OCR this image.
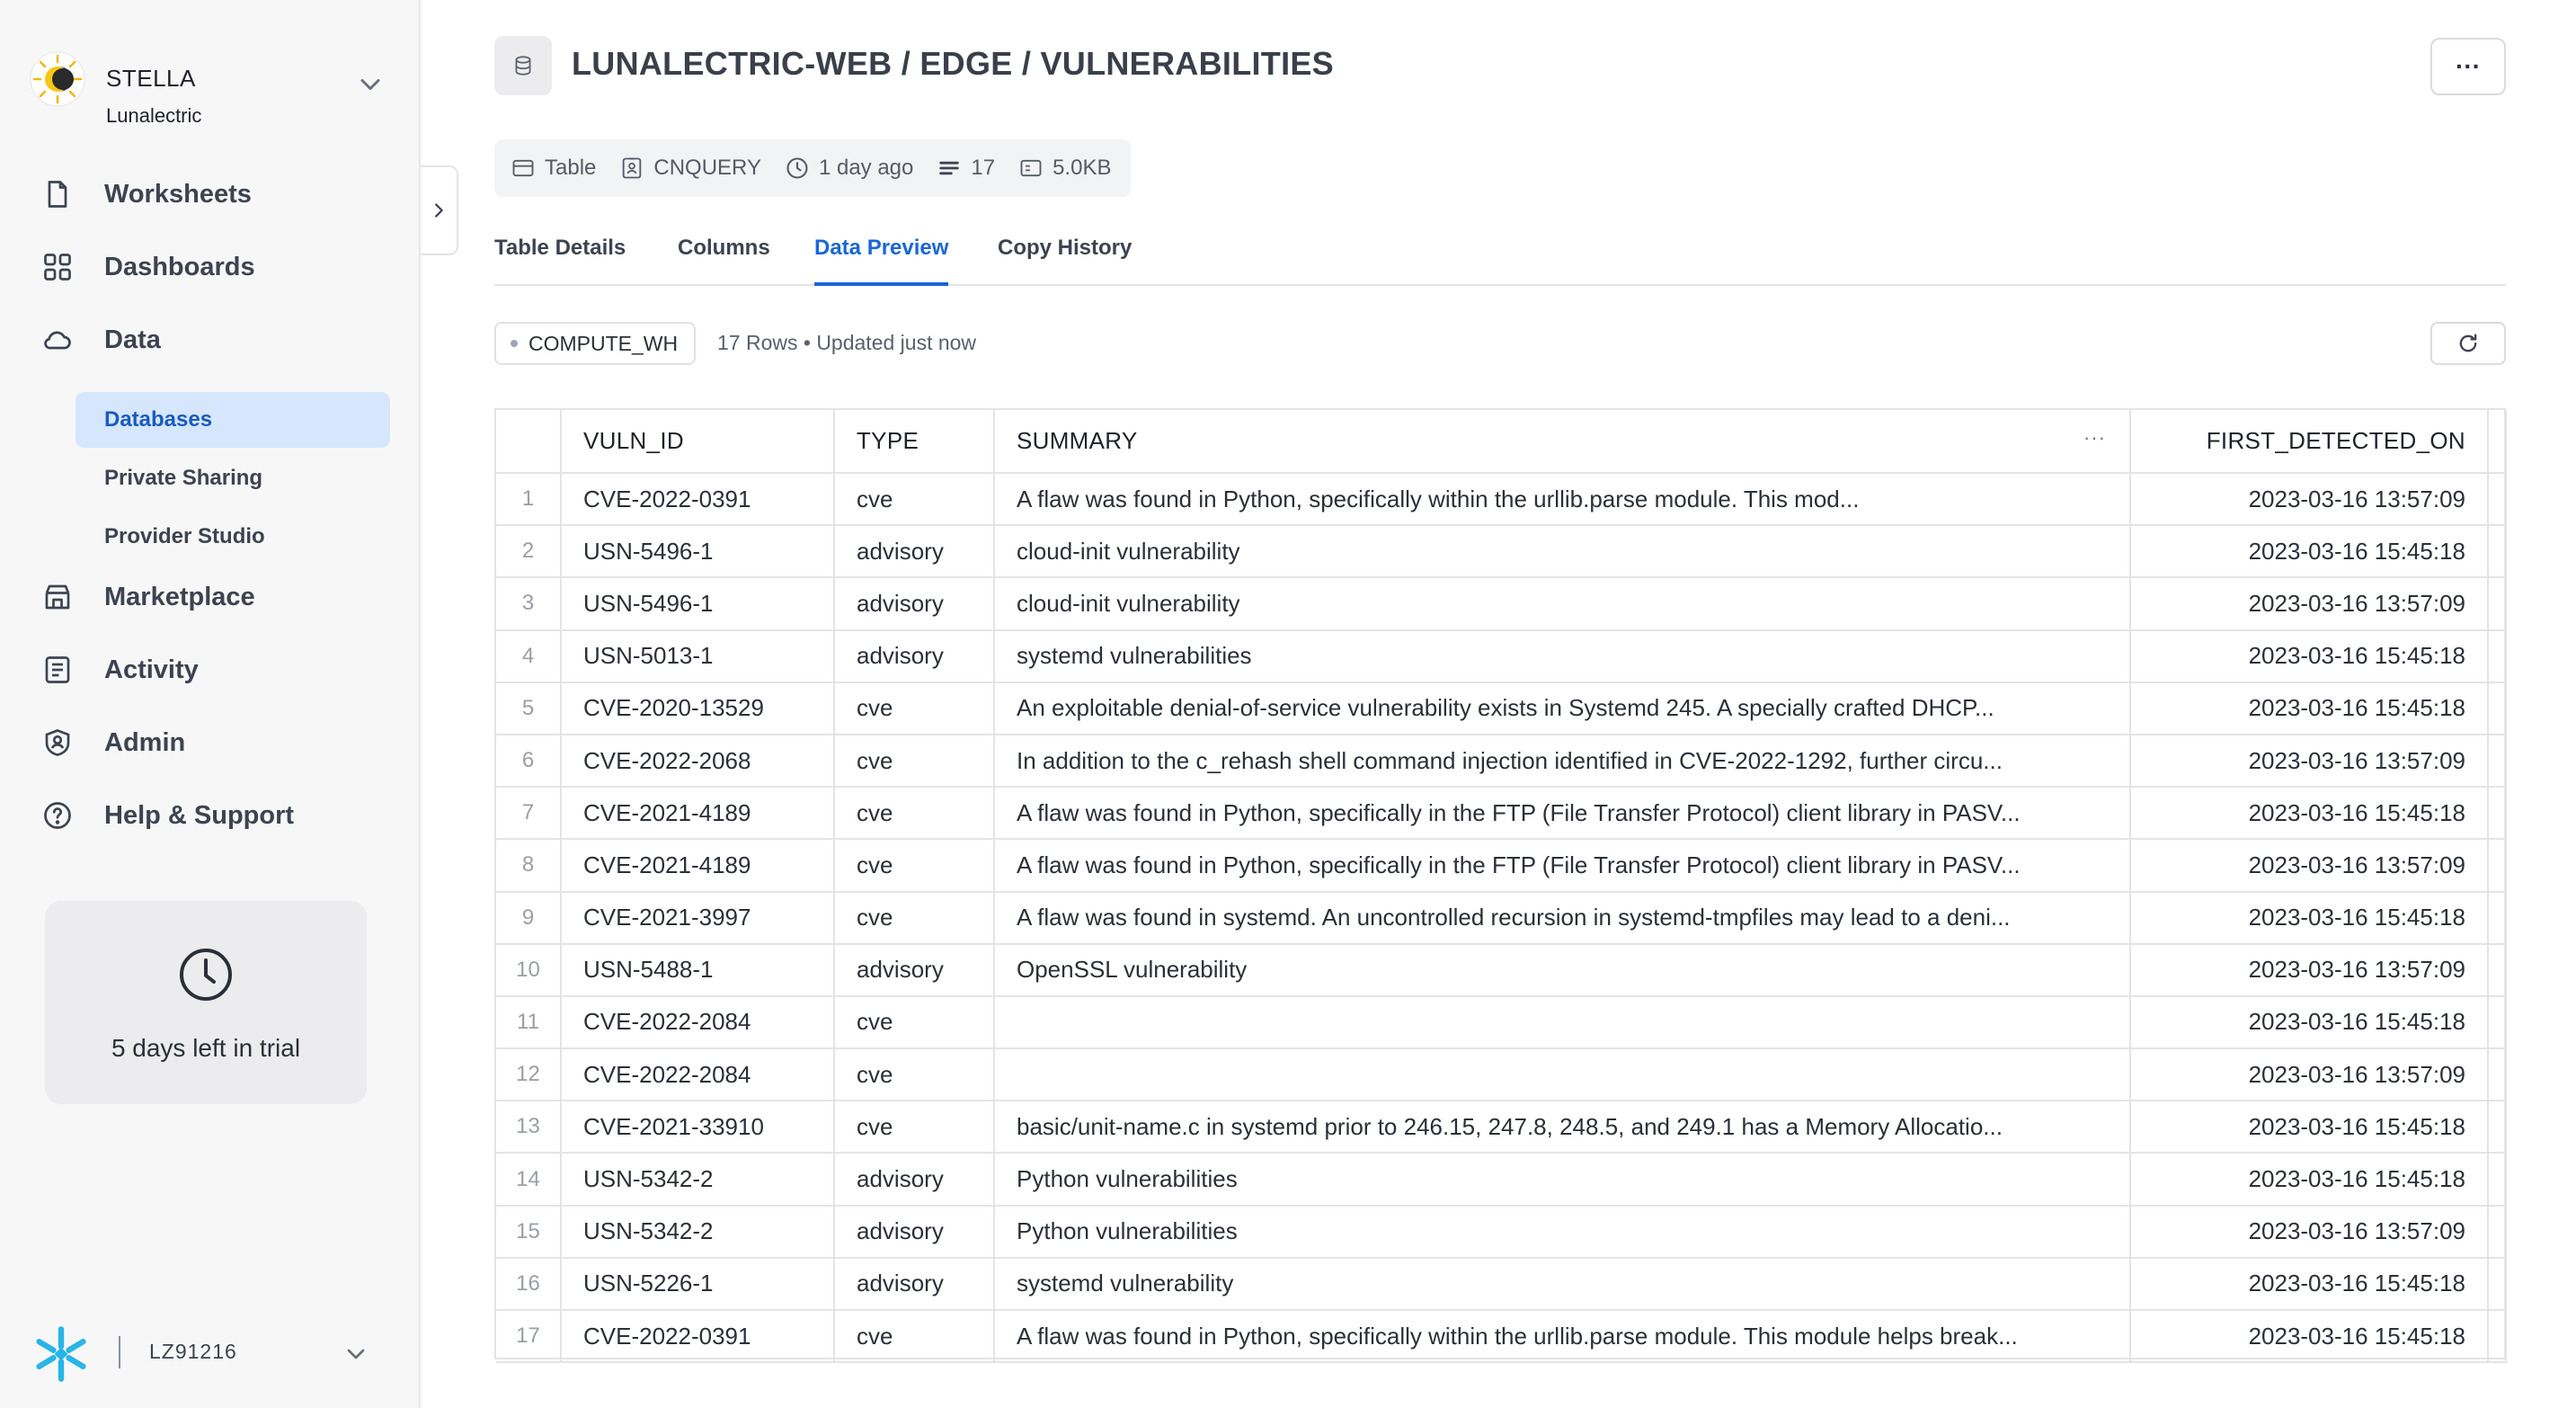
STELLA
Lunalectric
Worksheets
Dashboards
Data
Databases
Private Sharing
Provider Studio
Marketplace
Activity
Admin
Help & Support
5 days left in trial
LZ91216
LUNALECTRIC-WEB / EDGE / VULNERABILITIES	···
Table	CNQUERY	1 day ago	17	5.0KB
Table Details Columns Data Preview Copy History
COMPUTE_WH 17 Rows • Updated just now
	VULN_ID	TYPE	SUMMARY ···	FIRST_DETECTED_ON	
1	CVE-2022-0391	cve	A flaw was found in Python, specifically within the urllib.parse module. This mod...	2023-03-16 13:57:09	
2	USN-5496-1	advisory	cloud-init vulnerability	2023-03-16 15:45:18	
3	USN-5496-1	advisory	cloud-init vulnerability	2023-03-16 13:57:09	
4	USN-5013-1	advisory	systemd vulnerabilities	2023-03-16 15:45:18	
5	CVE-2020-13529	cve	An exploitable denial-of-service vulnerability exists in Systemd 245. A specially crafted DHCP...	2023-03-16 15:45:18	
6	CVE-2022-2068	cve	In addition to the c_rehash shell command injection identified in CVE-2022-1292, further circu...	2023-03-16 13:57:09	
7	CVE-2021-4189	cve	A flaw was found in Python, specifically in the FTP (File Transfer Protocol) client library in PASV...	2023-03-16 15:45:18	
8	CVE-2021-4189	cve	A flaw was found in Python, specifically in the FTP (File Transfer Protocol) client library in PASV...	2023-03-16 13:57:09	
9	CVE-2021-3997	cve	A flaw was found in systemd. An uncontrolled recursion in systemd-tmpfiles may lead to a deni...	2023-03-16 15:45:18	
10	USN-5488-1	advisory	OpenSSL vulnerability	2023-03-16 13:57:09	
11	CVE-2022-2084	cve		2023-03-16 15:45:18	
12	CVE-2022-2084	cve		2023-03-16 13:57:09	
13	CVE-2021-33910	cve	basic/unit-name.c in systemd prior to 246.15, 247.8, 248.5, and 249.1 has a Memory Allocatio...	2023-03-16 15:45:18	
14	USN-5342-2	advisory	Python vulnerabilities	2023-03-16 15:45:18	
15	USN-5342-2	advisory	Python vulnerabilities	2023-03-16 13:57:09	
16	USN-5226-1	advisory	systemd vulnerability	2023-03-16 15:45:18	
17	CVE-2022-0391	cve	A flaw was found in Python, specifically within the urllib.parse module. This module helps break...	2023-03-16 15:45:18	
